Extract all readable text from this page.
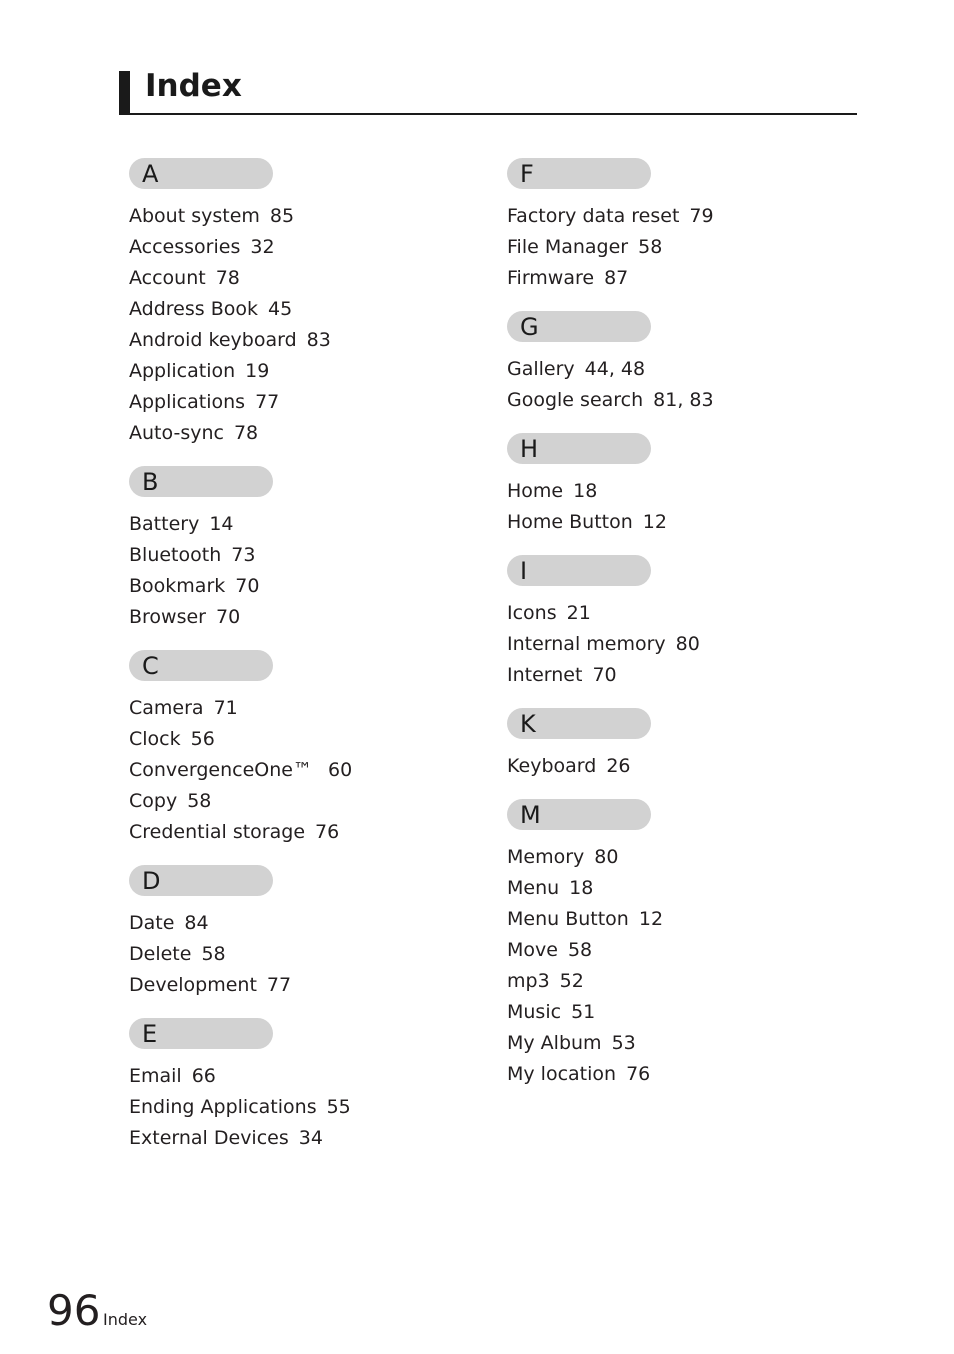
Index
A
About system 85
Accessories 32
Account 78
Address Book 45
Android keyboard 83
Application 19
Applications 77
Auto-sync 78
B
Battery 14
Bluetooth 73
Bookmark 70
Browser 70
C
Camera 71
Clock 56
ConvergenceOne™ 60
Copy 58
Credential storage 76
D
Date 84
Delete 58
Development 77
E
Email 66
Ending Applications 55
External Devices 34
F
Factory data reset 79
File Manager 58
Firmware 87
G
Gallery 44, 48
Google search 81, 83
H
Home 18
Home Button 12
I
Icons 21
Internal memory 80
Internet 70
K
Keyboard 26
M
Memory 80
Menu 18
Menu Button 12
Move 58
mp3 52
Music 51
My Album 53
My location 76
96 Index
